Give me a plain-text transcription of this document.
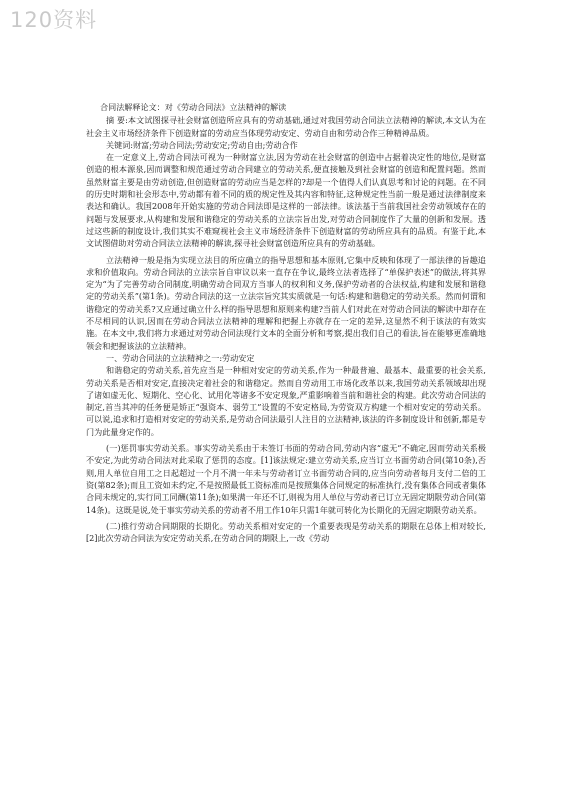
120资料

合同法解释论文：对《劳动合同法》立法精神的解读

摘 要:本文试图探寻社会财富创造所应具有的劳动基础,通过对我国劳动合同法立法精神的解读,本文认为在社会主义市场经济条件下创造财富的劳动应当体现劳动安定、劳动自由和劳动合作三种精神品质。

关键词:财富;劳动合同法;劳动安定;劳动自由;劳动合作

在一定意义上,劳动合同法可视为一种财富立法,因为劳动在社会财富的创造中占据着决定性的地位,是财富创造的根本源泉,因而调整和规范通过劳动合同建立的劳动关系,便直接触及到社会财富的创造和配置问题。然而虽然财富主要是由劳动创造,但创造财富的劳动应当是怎样的?却是一个值得人们认真思考和讨论的问题。在不同的历史时期和社会形态中,劳动都有着不同的质的规定性及其内容和特征,这种规定性当前一般是通过法律制度来表达和确认。我国2008年开始实施的劳动合同法即是这样的一部法律。该法基于当前我国社会劳动领域存在的问题与发展要求,从构建和发展和谐稳定的劳动关系的立法宗旨出发,对劳动合同制度作了大量的创新和发展。透过这些新的制度设计,我们其实不难窥视社会主义市场经济条件下创造财富的劳动所应具有的品质。有鉴于此,本文试图借助对劳动合同法立法精神的解读,探寻社会财富创造所应具有的劳动基础。

立法精神一般是指为实现立法目的所应确立的指导思想和基本原则,它集中反映和体现了一部法律的旨趣追求和价值取向。劳动合同法的立法宗旨自审议以来一直存在争议,最终立法者选择了“单保护表述”的做法,将其界定为“为了完善劳动合同制度,明确劳动合同双方当事人的权利和义务,保护劳动者的合法权益,构建和发展和谐稳定的劳动关系”(第1条)。劳动合同法的这一立法宗旨究其实质就是一句话:构建和谐稳定的劳动关系。然而何谓和谐稳定的劳动关系?又应通过确立什么样的指导思想和原则来构建?当前人们对此在对劳动合同法的解读中却存在不尽相同的认识,因而在劳动合同法立法精神的理解和把握上亦就存在一定的差异,这显然不利于该法的有效实施。在本文中,我们将力求通过对劳动合同法现行文本的全面分析和考察,提出我们自己的看法,旨在能够更准确地领会和把握该法的立法精神。

一、劳动合同法的立法精神之一:劳动安定

和谐稳定的劳动关系,首先应当是一种相对安定的劳动关系,作为一种最普遍、最基本、最重要的社会关系,劳动关系是否相对安定,直接决定着社会的和谐稳定。然而自劳动用工市场化改革以来,我国劳动关系领域却出现了诸如虚无化、短期化、空心化、试用化等诸多不安定现象,严重影响着当前和谐社会的构建。此次劳动合同法的制定,首当其冲的任务便是矫正“强资本、弱劳工”设置的不安定格局,为劳资双方构建一个相对安定的劳动关系。可以说,追求和打造相对安定的劳动关系,是劳动合同法最引人注目的立法精神,该法的许多制度设计和创新,都是专门为此量身定作的。

(一)惩罚事实劳动关系。事实劳动关系由于未签订书面的劳动合同,劳动内容“虚无”不确定,因而劳动关系极不安定,为此劳动合同法对此采取了惩罚的态度。[1]该法规定:建立劳动关系,应当订立书面劳动合同(第10条),否则,用人单位自用工之日起超过一个月不满一年未与劳动者订立书面劳动合同的,应当向劳动者每月支付二倍的工资(第82条);而且工资如未约定,不是按照最低工资标准而是按照集体合同规定的标准执行,没有集体合同或者集体合同未规定的,实行同工同酬(第11条);如果满一年还不订,则视为用人单位与劳动者已订立无固定期限劳动合同(第14条)。这既是说,处于事实劳动关系的劳动者不用工作10年只需1年就可转化为长期化的无固定期限劳动关系。

(二)推行劳动合同期限的长期化。劳动关系相对安定的一个重要表现是劳动关系的期限在总体上相对较长,[2]此次劳动合同法为安定劳动关系,在劳动合同的期限上,一改《劳动
